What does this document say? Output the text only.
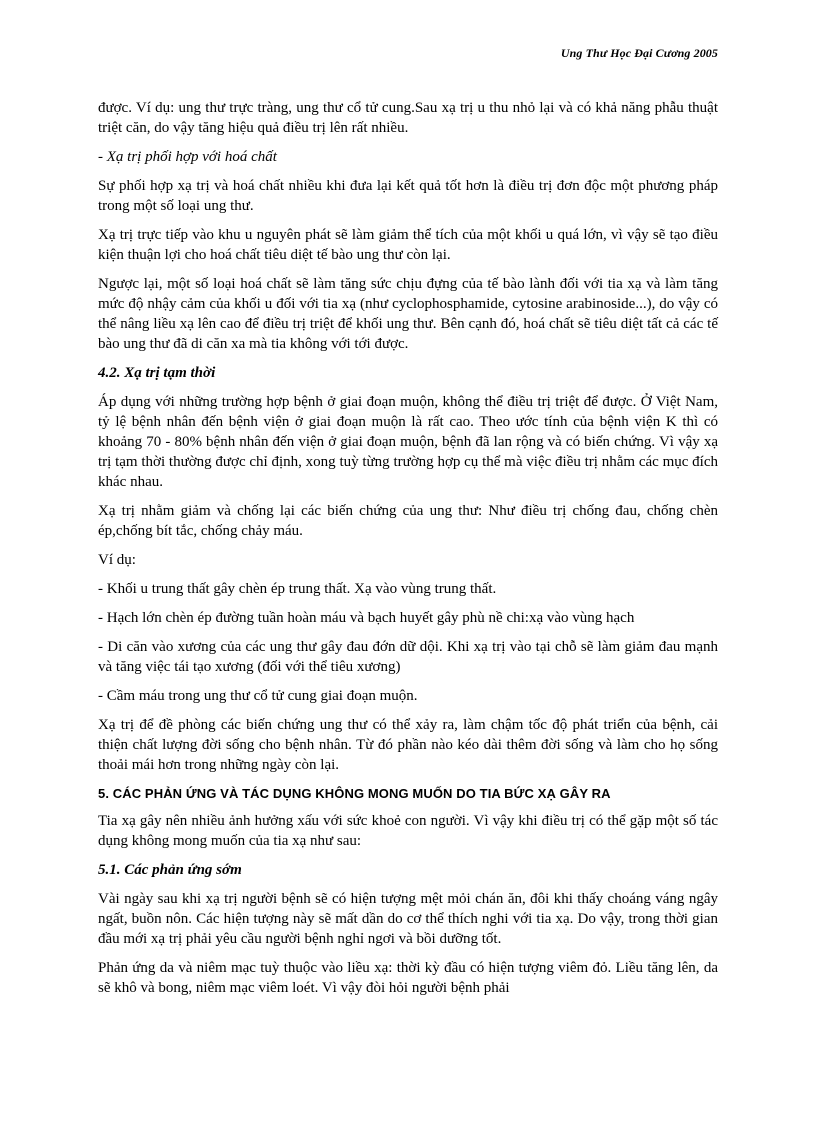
Ung Thư Học Đại Cương 2005

được. Ví dụ: ung thư trực tràng, ung thư cổ tử cung.Sau xạ trị u thu nhỏ lại và có khả năng phẫu thuật triệt căn, do vậy tăng hiệu quả điều trị lên rất nhiều.

- Xạ trị phối hợp với hoá chất

Sự phối hợp xạ trị và hoá chất nhiều khi đưa lại kết quả tốt hơn là điều trị đơn độc một phương pháp trong một số loại ung thư.

Xạ trị trực tiếp vào khu u nguyên phát sẽ làm giảm thể tích của một khối u quá lớn, vì vậy sẽ tạo điều kiện thuận lợi cho hoá chất tiêu diệt tế bào ung thư còn lại.

Ngược lại, một số loại hoá chất sẽ làm tăng sức chịu đựng của tế bào lành đối với tia xạ và làm tăng mức độ nhậy cảm của khối u đối với tia xạ (như cyclophosphamide, cytosine arabinoside...), do vậy có thể nâng liều xạ lên cao để điều trị triệt để khối ung thư. Bên cạnh đó, hoá chất sẽ tiêu diệt tất cả các tế bào ung thư đã di căn xa mà tia không với tới được.

4.2. Xạ trị tạm thời

Áp dụng với những trường hợp bệnh ở giai đoạn muộn, không thể điều trị triệt để được. Ở Việt Nam, tỷ lệ bệnh nhân đến bệnh viện ở giai đoạn muộn là rất cao. Theo ước tính của bệnh viện K thì có khoảng 70 - 80% bệnh nhân đến viện ở giai đoạn muộn, bệnh đã lan rộng và có biến chứng. Vì vậy xạ trị tạm thời thường được chỉ định, xong tuỳ từng trường hợp cụ thể mà việc điều trị nhằm các mục đích khác nhau.

Xạ trị nhằm giảm và chống lại các biến chứng của ung thư: Như điều trị chống đau, chống chèn ép,chống bít tắc, chống chảy máu.

Ví dụ:

- Khối u trung thất gây chèn ép trung thất. Xạ vào vùng trung thất.

- Hạch lớn chèn ép đường tuần hoàn máu và bạch huyết gây phù nề chi:xạ vào vùng hạch

- Di căn vào xương của các ung thư gây đau đớn dữ dội. Khi xạ trị vào tại chỗ sẽ làm giảm đau mạnh và tăng việc tái tạo xương (đối với thể tiêu xương)

- Cầm máu trong ung thư cổ tử cung giai đoạn muộn.

Xạ trị để đề phòng các biến chứng ung thư có thể xảy ra, làm chậm tốc độ phát triển của bệnh, cải thiện chất lượng đời sống cho bệnh nhân. Từ đó phần nào kéo dài thêm đời sống và làm cho họ sống thoải mái hơn trong những ngày còn lại.

5. CÁC PHẢN ỨNG VÀ TÁC DỤNG KHÔNG MONG MUỐN DO TIA BỨC XẠ GÂY RA

Tia xạ gây nên nhiều ảnh hưởng xấu với sức khoẻ con người. Vì vậy khi điều trị có thể gặp một số tác dụng không mong muốn của tia xạ như sau:

5.1. Các phản ứng sớm

Vài ngày sau khi xạ trị người bệnh sẽ có hiện tượng mệt mỏi chán ăn, đôi khi thấy choáng váng ngây ngất, buồn nôn. Các hiện tượng này sẽ mất dần do cơ thể thích nghi với tia xạ. Do vậy, trong thời gian đầu mới xạ trị phải yêu cầu người bệnh nghỉ ngơi và bồi dưỡng tốt.

Phản ứng da và niêm mạc tuỳ thuộc vào liều xạ: thời kỳ đầu có hiện tượng viêm đỏ. Liều tăng lên, da sẽ khô và bong, niêm mạc viêm loét. Vì vậy đòi hỏi người bệnh phải
